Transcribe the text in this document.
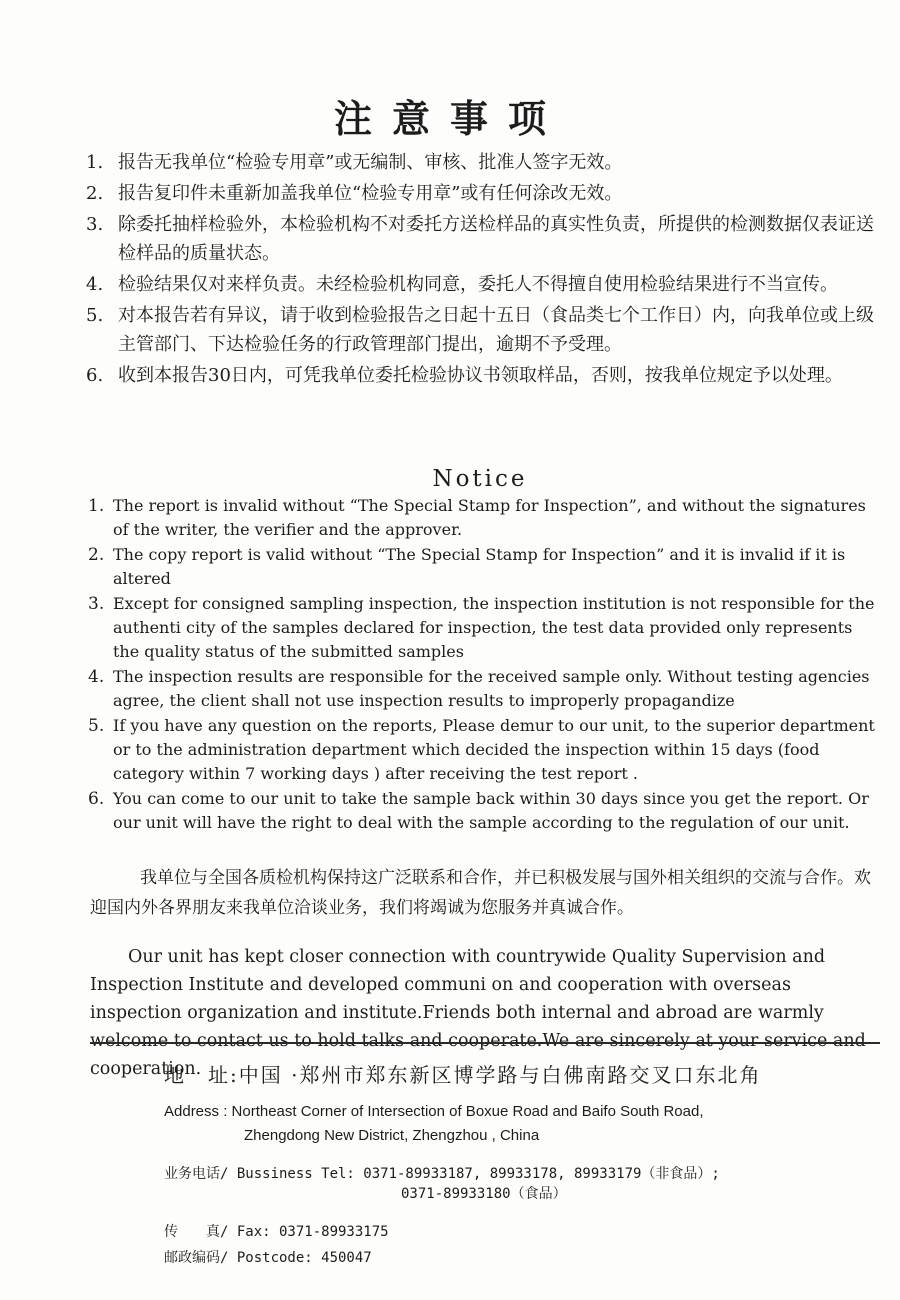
注意事项
1. 报告无我单位“检验专用章”或无编制、审核、批准人签字无效。
2. 报告复印件未重新加盖我单位“检验专用章”或有任何涂改无效。
3. 除委托抽样检验外，本检验机构不对委托方送检样品的真实性负责，所提供的检测数据仅表证送检样品的质量状态。
4. 检验结果仅对来样负责。未经检验机构同意，委托人不得擅自使用检验结果进行不当宣传。
5. 对本报告若有异议，请于收到检验报告之日起十五日（食品类七个工作日）内，向我单位或上级主管部门、下达检验任务的行政管理部门提出，逾期不予受理。
6. 收到本报告30日内，可凭我单位委托检验协议书领取样品，否则，按我单位规定予以处理。
Notice
1. The report is invalid without “The Special Stamp for Inspection”, and without the signatures of the writer, the verifier and the approver.
2. The copy report is valid without “The Special Stamp for Inspection” and it is invalid if it is altered
3. Except for consigned sampling inspection, the inspection institution is not responsible for the authenti city of the samples declared for inspection, the test data provided only represents the quality status of the submitted samples
4. The inspection results are responsible for the received sample only. Without testing agencies agree, the client shall not use inspection results to improperly propagandize
5. If you have any question on the reports, Please demur to our unit, to the superior department or to the administration department which decided the inspection within 15 days (food category within 7 working days ) after receiving the test report .
6. You can come to our unit to take the sample back within 30 days since you get the report. Or our unit will have the right to deal with the sample according to the regulation of our unit.

我单位与全国各质检机构保持这广泛联系和合作，并已积极发展与国外相关组织的交流与合作。欢迎国内外各界朋友来我单位洽谈业务，我们将竭诚为您服务并真诚合作。

Our unit has kept closer connection with countrywide Quality Supervision and Inspection Institute and developed communi on and cooperation with overseas inspection organization and institute.Friends both internal and abroad are warmly welcome to contact us to hold talks and cooperate.We are sincerely at your service and cooperation.

地　址:中国 ·郑州市郑东新区博学路与白佛南路交叉口东北角
Address : Northeast Corner of Intersection of Boxue Road and Baifo South Road,
Zhengdong New District, Zhengzhou , China
业务电话/ Bussiness Tel: 0371-89933187, 89933178, 89933179（非食品）;
0371-89933180（食品）
传　　真/ Fax: 0371-89933175
邮政编码/ Postcode: 450047
